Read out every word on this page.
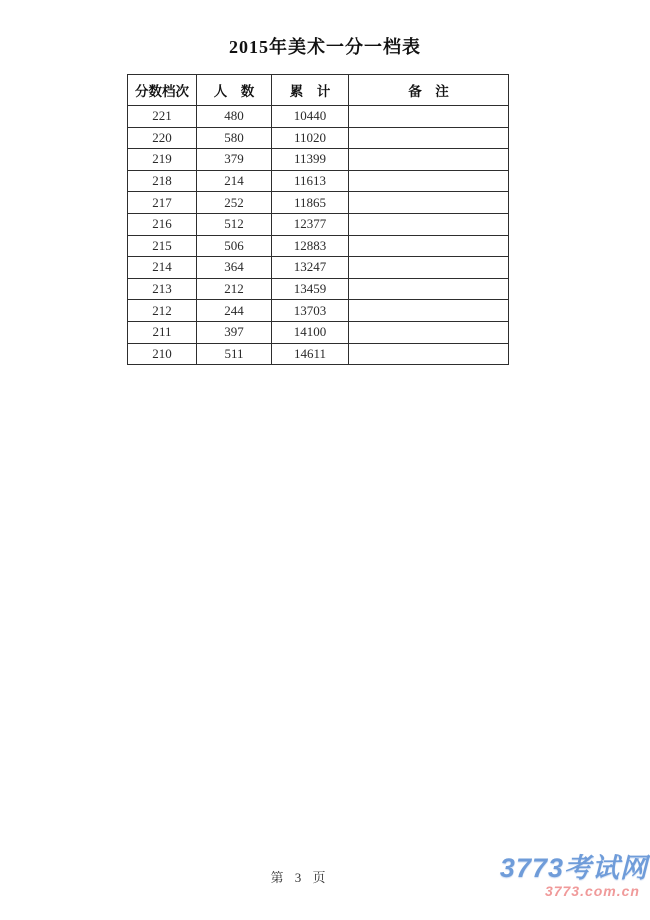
2015年美术一分一档表
分数档次	人　数	累　计	备　注
221	480	10440	
220	580	11020	
219	379	11399	
218	214	11613	
217	252	11865	
216	512	12377	
215	506	12883	
214	364	13247	
213	212	13459	
212	244	13703	
211	397	14100	
210	511	14611	
第 3 页	3773考试网
3773.com.cn
